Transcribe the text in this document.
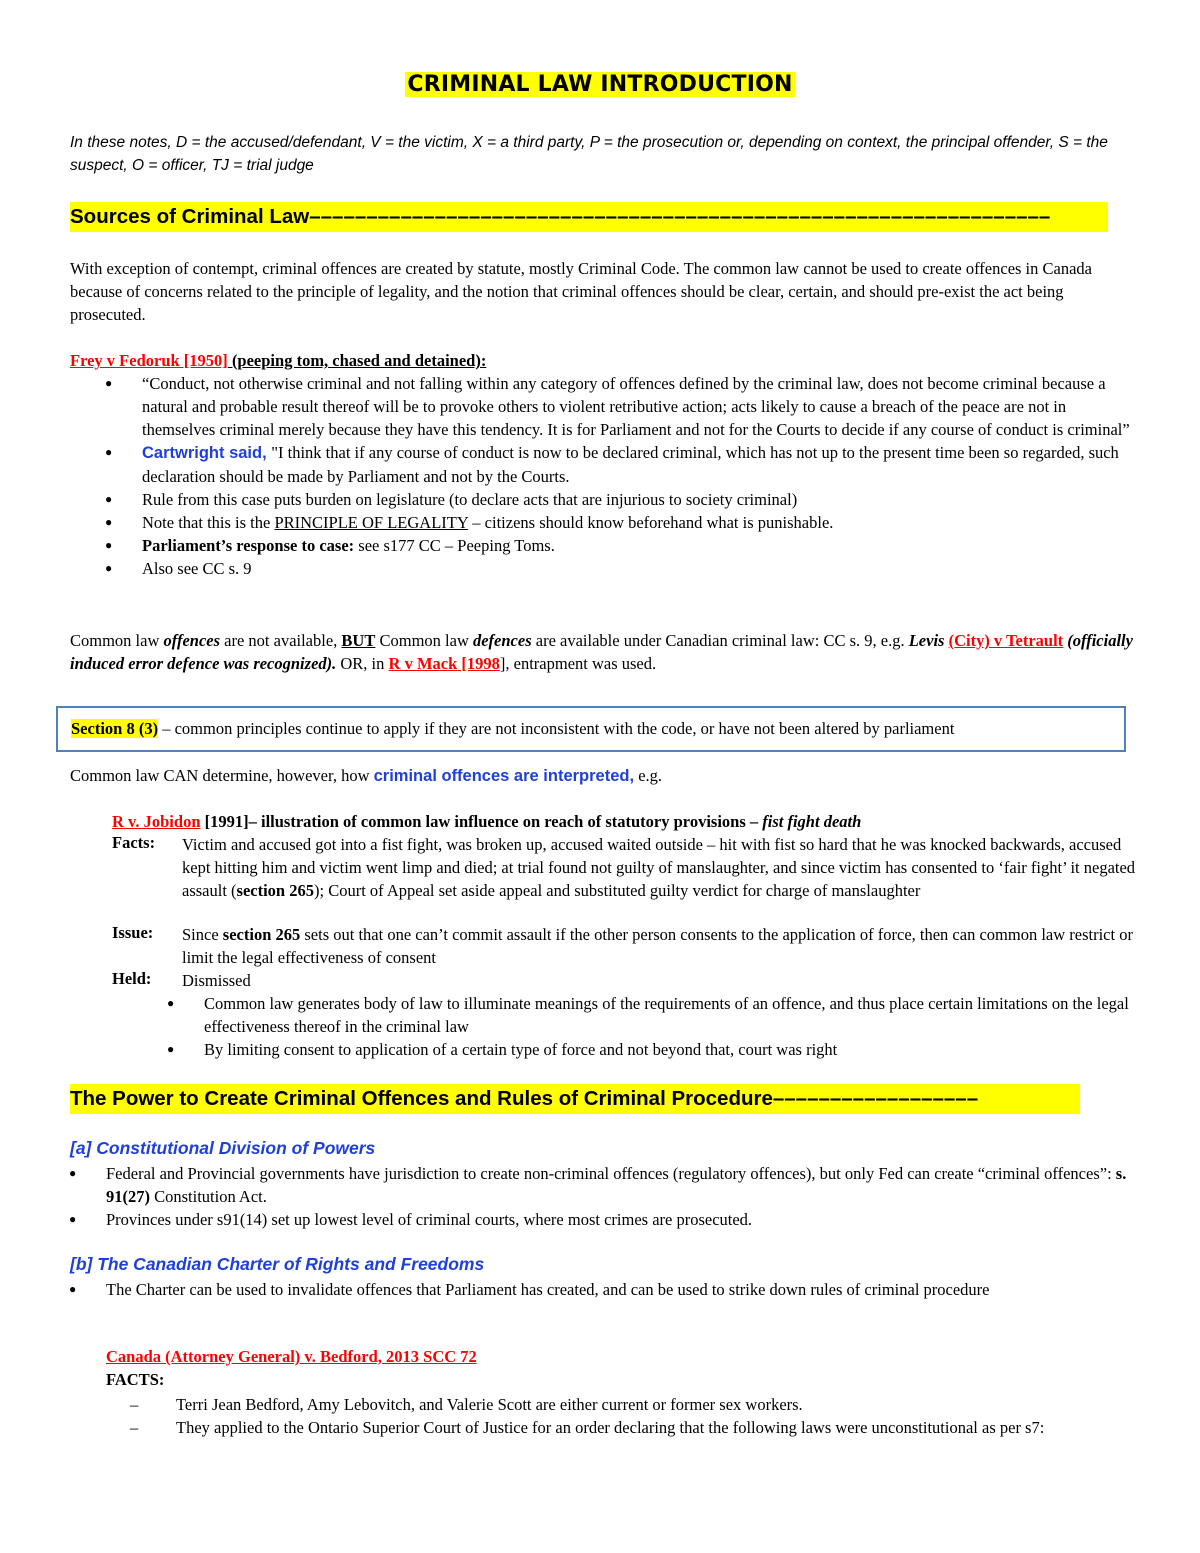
CRIMINAL LAW INTRODUCTION
In these notes, D = the accused/defendant, V = the victim, X = a third party, P = the prosecution or, depending on context, the principal offender, S = the suspect, O = officer, TJ = trial judge
Sources of Criminal Law–––––––––––––––––––––––––––––––––––––––––––––––––––––––––––––––––
With exception of contempt, criminal offences are created by statute, mostly Criminal Code. The common law cannot be used to create offences in Canada because of concerns related to the principle of legality, and the notion that criminal offences should be clear, certain, and should pre-exist the act being prosecuted.
Frey v Fedoruk [1950] (peeping tom, chased and detained):
● “Conduct, not otherwise criminal and not falling within any category of offences defined by the criminal law, does not become criminal because a natural and probable result thereof will be to provoke others to violent retributive action; acts likely to cause a breach of the peace are not in themselves criminal merely because they have this tendency. It is for Parliament and not for the Courts to decide if any course of conduct is criminal”
● Cartwright said, "I think that if any course of conduct is now to be declared criminal, which has not up to the present time been so regarded, such declaration should be made by Parliament and not by the Courts.
● Rule from this case puts burden on legislature (to declare acts that are injurious to society criminal)
● Note that this is the PRINCIPLE OF LEGALITY – citizens should know beforehand what is punishable.
● Parliament’s response to case: see s177 CC – Peeping Toms.
● Also see CC s. 9
Common law offences are not available, BUT Common law defences are available under Canadian criminal law: CC s. 9, e.g. Levis (City) v Tetrault (officially induced error defence was recognized). OR, in R v Mack [1998], entrapment was used.
Section 8 (3) – common principles continue to apply if they are not inconsistent with the code, or have not been altered by parliament
Common law CAN determine, however, how criminal offences are interpreted, e.g.
R v. Jobidon [1991]– illustration of common law influence on reach of statutory provisions – fist fight death
Facts: Victim and accused got into a fist fight, was broken up, accused waited outside – hit with fist so hard that he was knocked backwards, accused kept hitting him and victim went limp and died; at trial found not guilty of manslaughter, and since victim has consented to ‘fair fight’ it negated assault (section 265); Court of Appeal set aside appeal and substituted guilty verdict for charge of manslaughter
Issue: Since section 265 sets out that one can’t commit assault if the other person consents to the application of force, then can common law restrict or limit the legal effectiveness of consent
Held: Dismissed
● Common law generates body of law to illuminate meanings of the requirements of an offence, and thus place certain limitations on the legal effectiveness thereof in the criminal law
● By limiting consent to application of a certain type of force and not beyond that, court was right
The Power to Create Criminal Offences and Rules of Criminal Procedure––––––––––––––––––
[a] Constitutional Division of Powers
● Federal and Provincial governments have jurisdiction to create non-criminal offences (regulatory offences), but only Fed can create “criminal offences”: s. 91(27) Constitution Act.
● Provinces under s91(14) set up lowest level of criminal courts, where most crimes are prosecuted.
[b] The Canadian Charter of Rights and Freedoms
● The Charter can be used to invalidate offences that Parliament has created, and can be used to strike down rules of criminal procedure
Canada (Attorney General) v. Bedford, 2013 SCC 72
FACTS:
– Terri Jean Bedford, Amy Lebovitch, and Valerie Scott are either current or former sex workers.
– They applied to the Ontario Superior Court of Justice for an order declaring that the following laws were unconstitutional as per s7:
